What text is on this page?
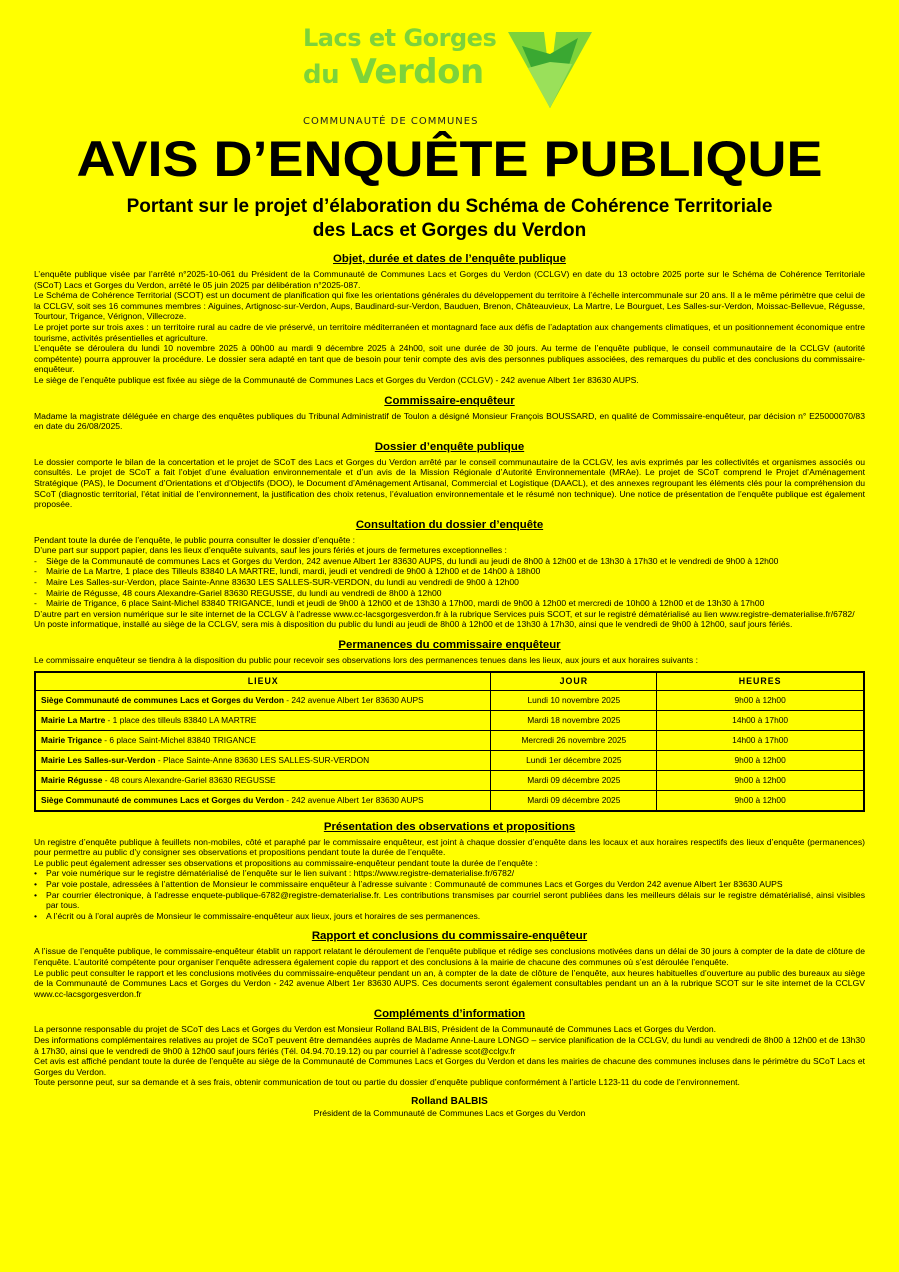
Lacs et Gorges
du Verdon
COMMUNAUTÉ DE COMMUNES
AVIS D’ENQUÊTE PUBLIQUE
Portant sur le projet d’élaboration du Schéma de Cohérence Territoriale
des Lacs et Gorges du Verdon
Objet, durée et dates de l’enquête publique

L’enquête publique visée par l’arrêté n°2025-10-061 du Président de la Communauté de Communes Lacs et Gorges du Verdon (CCLGV) en date du 13 octobre 2025 porte sur le Schéma de Cohérence Territoriale (SCoT) Lacs et Gorges du Verdon, arrêté le 05 juin 2025 par délibération n°2025-087.

Le Schéma de Cohérence Territorial (SCOT) est un document de planification qui fixe les orientations générales du développement du territoire à l’échelle intercommunale sur 20 ans. Il a le même périmètre que celui de la CCLGV, soit ses 16 communes membres : Aiguines, Artignosc-sur-Verdon, Aups, Baudinard-sur-Verdon, Bauduen, Brenon, Châteauvieux, La Martre, Le Bourguet, Les Salles-sur-Verdon, Moissac-Bellevue, Régusse, Tourtour, Trigance, Vérignon, Villecroze.

Le projet porte sur trois axes : un territoire rural au cadre de vie préservé, un territoire méditerranéen et montagnard face aux défis de l’adaptation aux changements climatiques, et un positionnement économique entre tourisme, activités présentielles et agriculture.

L’enquête se déroulera du lundi 10 novembre 2025 à 00h00 au mardi 9 décembre 2025 à 24h00, soit une durée de 30 jours. Au terme de l’enquête publique, le conseil communautaire de la CCLGV (autorité compétente) pourra approuver la procédure. Le dossier sera adapté en tant que de besoin pour tenir compte des avis des personnes publiques associées, des remarques du public et des conclusions du commissaire-enquêteur.

Le siège de l’enquête publique est fixée au siège de la Communauté de Communes Lacs et Gorges du Verdon (CCLGV) - 242 avenue Albert 1er 83630 AUPS.

Commissaire-enquêteur

Madame la magistrate déléguée en charge des enquêtes publiques du Tribunal Administratif de Toulon a désigné Monsieur François BOUSSARD, en qualité de Commissaire-enquêteur, par décision n° E25000070/83 en date du 26/08/2025.

Dossier d’enquête publique

Le dossier comporte le bilan de la concertation et le projet de SCoT des Lacs et Gorges du Verdon arrêté par le conseil communautaire de la CCLGV, les avis exprimés par les collectivités et organismes associés ou consultés. Le projet de SCoT a fait l’objet d’une évaluation environnementale et d’un avis de la Mission Régionale d’Autorité Environnementale (MRAe). Le projet de SCoT comprend le Projet d’Aménagement Stratégique (PAS), le Document d’Orientations et d’Objectifs (DOO), le Document d’Aménagement Artisanal, Commercial et Logistique (DAACL), et des annexes regroupant les éléments clés pour la compréhension du SCoT (diagnostic territorial, l’état initial de l’environnement, la justification des choix retenus, l’évaluation environnementale et le résumé non technique). Une notice de présentation de l’enquête publique est également proposée.

Consultation du dossier d’enquête

Pendant toute la durée de l’enquête, le public pourra consulter le dossier d’enquête :

D’une part sur support papier, dans les lieux d’enquête suivants, sauf les jours fériés et jours de fermetures exceptionnelles :

- Siège de la Communauté de communes Lacs et Gorges du Verdon, 242 avenue Albert 1er 83630 AUPS, du lundi au jeudi de 8h00 à 12h00 et de 13h30 à 17h30 et le vendredi de 9h00 à 12h00
- Mairie de La Martre, 1 place des Tilleuls 83840 LA MARTRE, lundi, mardi, jeudi et vendredi de 9h00 à 12h00 et de 14h00 à 18h00
- Maire Les Salles-sur-Verdon, place Sainte-Anne 83630 LES SALLES-SUR-VERDON, du lundi au vendredi de 9h00 à 12h00
- Mairie de Régusse, 48 cours Alexandre-Gariel 83630 REGUSSE, du lundi au vendredi de 8h00 à 12h00
- Mairie de Trigance, 6 place Saint-Michel 83840 TRIGANCE, lundi et jeudi de 9h00 à 12h00 et de 13h30 à 17h00, mardi de 9h00 à 12h00 et mercredi de 10h00 à 12h00 et de 13h30 à 17h00

D’autre part en version numérique sur le site internet de la CCLGV à l’adresse www.cc-lacsgorgesverdon.fr à la rubrique Services puis SCOT, et sur le registré dématérialisé au lien www.registre-dematerialise.fr/6782/

Un poste informatique, installé au siège de la CCLGV, sera mis à disposition du public du lundi au jeudi de 8h00 à 12h00 et de 13h30 à 17h30, ainsi que le vendredi de 9h00 à 12h00, sauf jours fériés.

Permanences du commissaire enquêteur

Le commissaire enquêteur se tiendra à la disposition du public pour recevoir ses observations lors des permanences tenues dans les lieux, aux jours et aux horaires suivants :

LIEUX	JOUR	HEURES
Siège Communauté de communes Lacs et Gorges du Verdon - 242 avenue Albert 1er 83630 AUPS	Lundi 10 novembre 2025	9h00 à 12h00
Mairie La Martre - 1 place des tilleuls 83840 LA MARTRE	Mardi 18 novembre 2025	14h00 à 17h00
Mairie Trigance - 6 place Saint-Michel 83840 TRIGANCE	Mercredi 26 novembre 2025	14h00 à 17h00
Mairie Les Salles-sur-Verdon - Place Sainte-Anne 83630 LES SALLES-SUR-VERDON	Lundi 1er décembre 2025	9h00 à 12h00
Mairie Régusse - 48 cours Alexandre-Gariel 83630 REGUSSE	Mardi 09 décembre 2025	9h00 à 12h00
Siège Communauté de communes Lacs et Gorges du Verdon - 242 avenue Albert 1er 83630 AUPS	Mardi 09 décembre 2025	9h00 à 12h00
Présentation des observations et propositions

Un registre d’enquête publique à feuillets non-mobiles, côté et paraphé par le commissaire enquêteur, est joint à chaque dossier d’enquête dans les locaux et aux horaires respectifs des lieux d’enquête (permanences) pour permettre au public d’y consigner ses observations et propositions pendant toute la durée de l’enquête.

Le public peut également adresser ses observations et propositions au commissaire-enquêteur pendant toute la durée de l’enquête :

• Par voie numérique sur le registre dématérialisé de l’enquête sur le lien suivant : https://www.registre-dematerialise.fr/6782/
• Par voie postale, adressées à l’attention de Monsieur le commissaire enquêteur à l’adresse suivante : Communauté de communes Lacs et Gorges du Verdon 242 avenue Albert 1er 83630 AUPS
• Par courrier électronique, à l’adresse enquete-publique-6782@registre-dematerialise.fr. Les contributions transmises par courriel seront publiées dans les meilleurs délais sur le registre dématérialisé, ainsi visibles par tous.
• A l’écrit ou à l’oral auprès de Monsieur le commissaire-enquêteur aux lieux, jours et horaires de ses permanences.
Rapport et conclusions du commissaire-enquêteur

A l’issue de l’enquête publique, le commissaire-enquêteur établit un rapport relatant le déroulement de l’enquête publique et rédige ses conclusions motivées dans un délai de 30 jours à compter de la date de clôture de l’enquête. L’autorité compétente pour organiser l’enquête adressera également copie du rapport et des conclusions à la mairie de chacune des communes où s’est déroulée l’enquête.

Le public peut consulter le rapport et les conclusions motivées du commissaire-enquêteur pendant un an, à compter de la date de clôture de l’enquête, aux heures habituelles d’ouverture au public des bureaux au siège de la Communauté de Communes Lacs et Gorges du Verdon - 242 avenue Albert 1er 83630 AUPS. Ces documents seront également consultables pendant un an à la rubrique SCOT sur le site internet de la CCLGV www.cc-lacsgorgesverdon.fr

Compléments d’information

La personne responsable du projet de SCoT des Lacs et Gorges du Verdon est Monsieur Rolland BALBIS, Président de la Communauté de Communes Lacs et Gorges du Verdon.

Des informations complémentaires relatives au projet de SCoT peuvent être demandées auprès de Madame Anne-Laure LONGO – service planification de la CCLGV, du lundi au vendredi de 8h00 à 12h00 et de 13h30 à 17h30, ainsi que le vendredi de 9h00 à 12h00 sauf jours fériés (Tél. 04.94.70.19.12) ou par courriel à l’adresse scot@cclgv.fr

Cet avis est affiché pendant toute la durée de l’enquête au siège de la Communauté de Communes Lacs et Gorges du Verdon et dans les mairies de chacune des communes incluses dans le périmètre du SCoT Lacs et Gorges du Verdon.

Toute personne peut, sur sa demande et à ses frais, obtenir communication de tout ou partie du dossier d’enquête publique conformément à l’article L123-11 du code de l’environnement.

Rolland BALBIS
Président de la Communauté de Communes Lacs et Gorges du Verdon
